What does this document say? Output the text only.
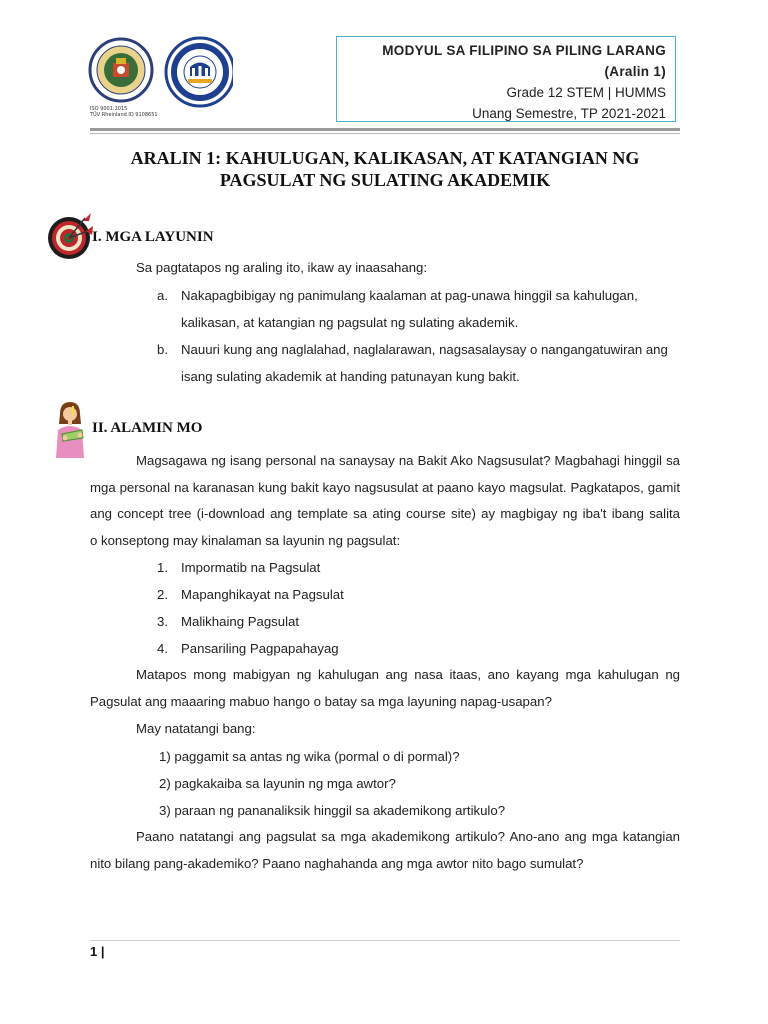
ISO 9001:2015
TÜV Rheinland ID 9108651
MODYUL SA FILIPINO SA PILING LARANG
(Aralin 1)
Grade 12 STEM | HUMMS
Unang Semestre, TP 2021-2021
ARALIN 1: KAHULUGAN, KALIKASAN, AT KATANGIAN NG
PAGSULAT NG SULATING AKADEMIK
I. MGA LAYUNIN
Sa pagtatapos ng araling ito, ikaw ay inaasahang:
a. Nakapagbibigay ng panimulang kaalaman at pag-unawa hinggil sa kahulugan,
kalikasan, at katangian ng pagsulat ng sulating akademik.
b. Nauuri kung ang naglalahad, naglalarawan, nagsasalaysay o nangangatuwiran ang
isang sulating akademik at handing patunayan kung bakit.
II. ALAMIN MO
Magsagawa ng isang personal na sanaysay na Bakit Ako Nagsusulat? Magbahagi hinggil sa
mga personal na karanasan kung bakit kayo nagsusulat at paano kayo magsulat. Pagkatapos, gamit
ang concept tree (i-download ang template sa ating course site) ay magbigay ng iba't ibang salita
o konseptong may kinalaman sa layunin ng pagsulat:
1. Impormatib na Pagsulat
2. Mapanghikayat na Pagsulat
3. Malikhaing Pagsulat
4. Pansariling Pagpapahayag
Matapos mong mabigyan ng kahulugan ang nasa itaas, ano kayang mga kahulugan ng
Pagsulat ang maaaring mabuo hango o batay sa mga layuning napag-usapan?
May natatangi bang:
1) paggamit sa antas ng wika (pormal o di pormal)?
2) pagkakaiba sa layunin ng mga awtor?
3) paraan ng pananaliksik hinggil sa akademikong artikulo?
Paano natatangi ang pagsulat sa mga akademikong artikulo? Ano-ano ang mga katangian
nito bilang pang-akademiko? Paano naghahanda ang mga awtor nito bago sumulat?
1 |
